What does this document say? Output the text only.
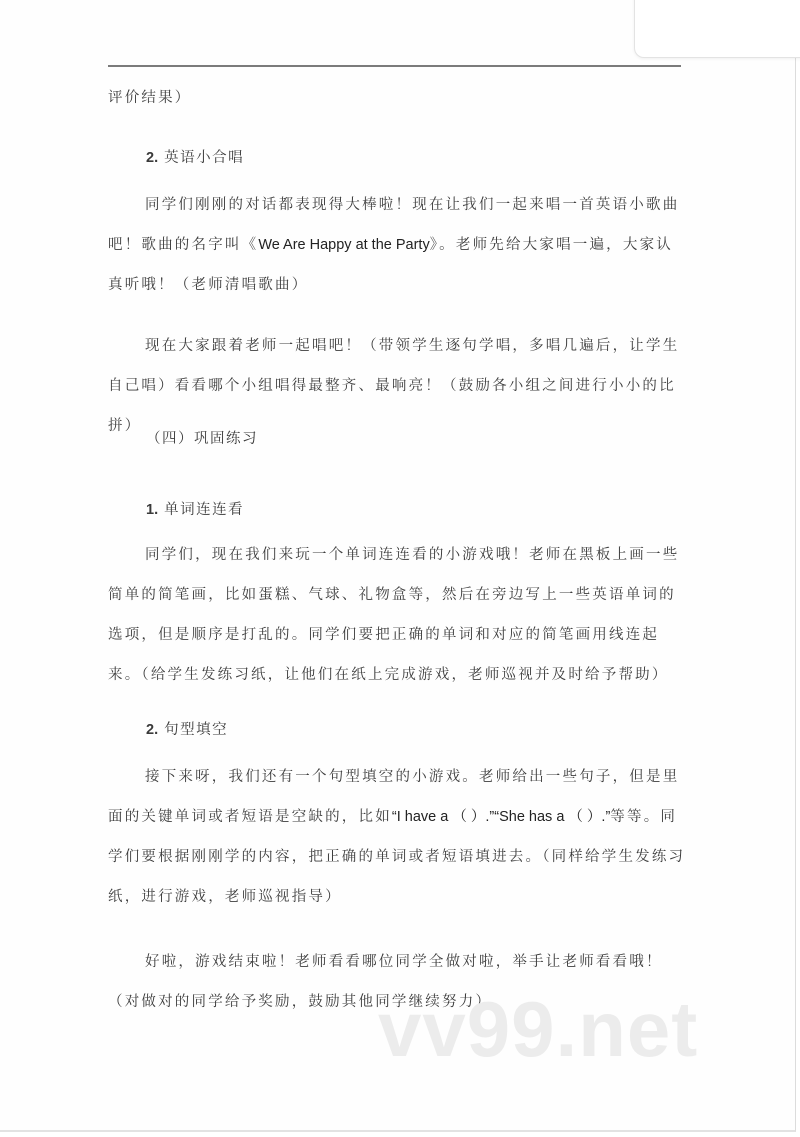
评价结果）

2. 英语小合唱

同学们刚刚的对话都表现得大棒啦！现在让我们一起来唱一首英语小歌曲吧！歌曲的名字叫《We Are Happy at the Party》。老师先给大家唱一遍，大家认真听哦！（老师清唱歌曲）

现在大家跟着老师一起唱吧！（带领学生逐句学唱，多唱几遍后，让学生自己唱）看看哪个小组唱得最整齐、最响亮！（鼓励各小组之间进行小小的比拼）

（四）巩固练习
1. 单词连连看

同学们，现在我们来玩一个单词连连看的小游戏哦！老师在黑板上画一些简单的简笔画，比如蛋糕、气球、礼物盒等，然后在旁边写上一些英语单词的选项，但是顺序是打乱的。同学们要把正确的单词和对应的简笔画用线连起来。（给学生发练习纸，让他们在纸上完成游戏，老师巡视并及时给予帮助）

2. 句型填空

接下来呀，我们还有一个句型填空的小游戏。老师给出一些句子，但是里面的关键单词或者短语是空缺的，比如“I have a （ ）.”“She has a （ ）.”等等。同学们要根据刚刚学的内容，把正确的单词或者短语填进去。（同样给学生发练习纸，进行游戏，老师巡视指导）

好啦，游戏结束啦！老师看看哪位同学全做对啦，举手让老师看看哦！（对做对的同学给予奖励，鼓励其他同学继续努力）

vv99.net
